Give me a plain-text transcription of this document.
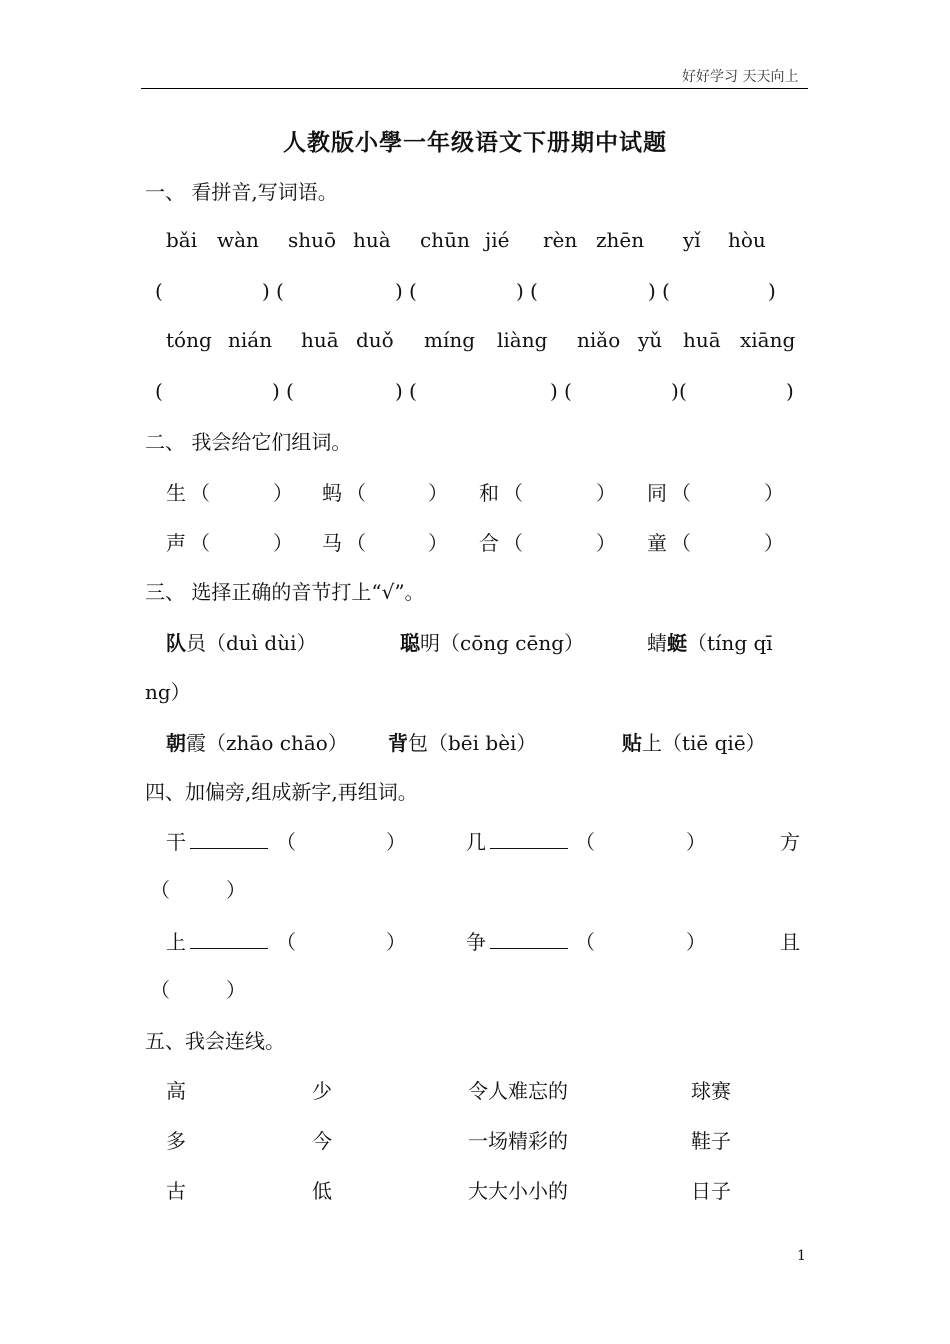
好好学习 天天向上
人教版小學一年级语文下册期中试题
一、 看拼音,写词语。
bǎi wàn shuō huà chūn jié rèn zhēn yǐ hòu
(	) (	) (	) (	) (	)
tóng nián huā duǒ míng liàng niǎo yǔ huā xiāng
(	) (	) (	) (	) (	)
二、 我会给它们组词。
生 （	） 蚂 （	） 和 （	） 同 （	）
声 （	） 马 （	） 合 （	） 童 （	）
三、 选择正确的音节打上“√”。
队员（duì dùi）	聪明（cōng cēng）	蜻蜓（tíng qī
ng）
朝霞（zhāo chāo） 背包（bēi bèi）	贴上（tiē qiē）
四、加偏旁,组成新字,再组词。
干	（	）	几	（	）	方
（	）
上	（	）	争	（	）	且
（	）
五、我会连线。
高	少	令人难忘的	球赛
多	今	一场精彩的	鞋子
古	低	大大小小的	日子
1
